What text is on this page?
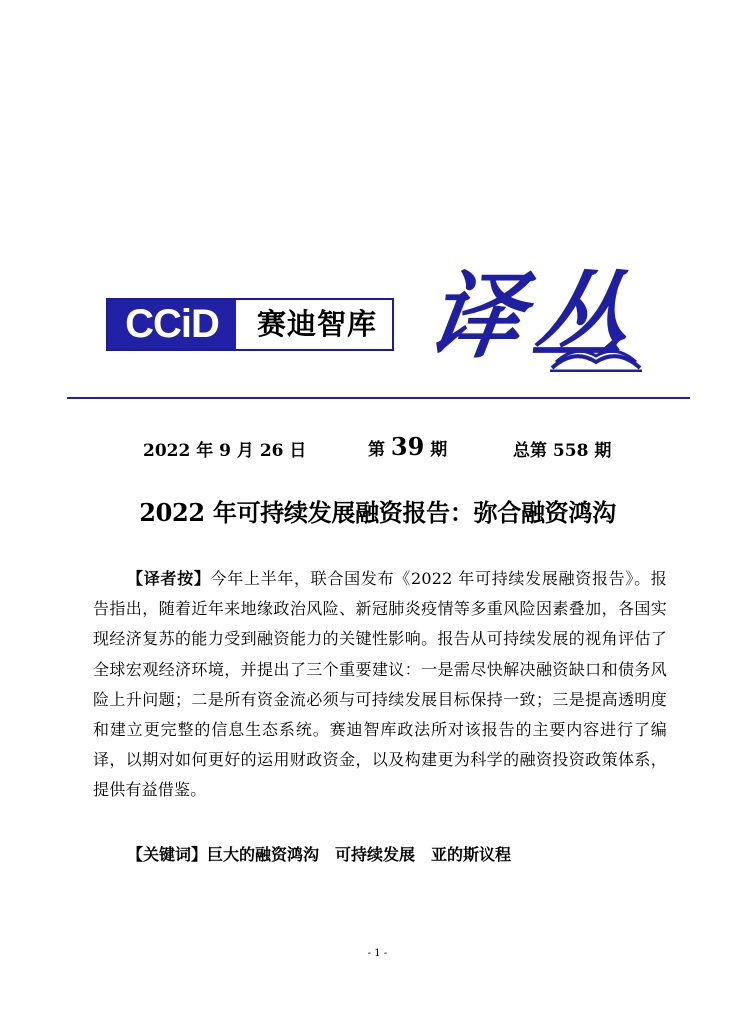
CCiD	赛迪智库 译丛
2022 年 9 月 26 日	第 39 期	总第 558 期
2022 年可持续发展融资报告：弥合融资鸿沟
【译者按】今年上半年，联合国发布《2022 年可持续发展融资报告》。报告指出，随着近年来地缘政治风险、新冠肺炎疫情等多重风险因素叠加，各国实现经济复苏的能力受到融资能力的关键性影响。报告从可持续发展的视角评估了全球宏观经济环境，并提出了三个重要建议：一是需尽快解决融资缺口和债务风险上升问题；二是所有资金流必须与可持续发展目标保持一致；三是提高透明度和建立更完整的信息生态系统。赛迪智库政法所对该报告的主要内容进行了编译，以期对如何更好的运用财政资金，以及构建更为科学的融资投资政策体系，提供有益借鉴。
【关键词】巨大的融资鸿沟　可持续发展　亚的斯议程
- 1 -
